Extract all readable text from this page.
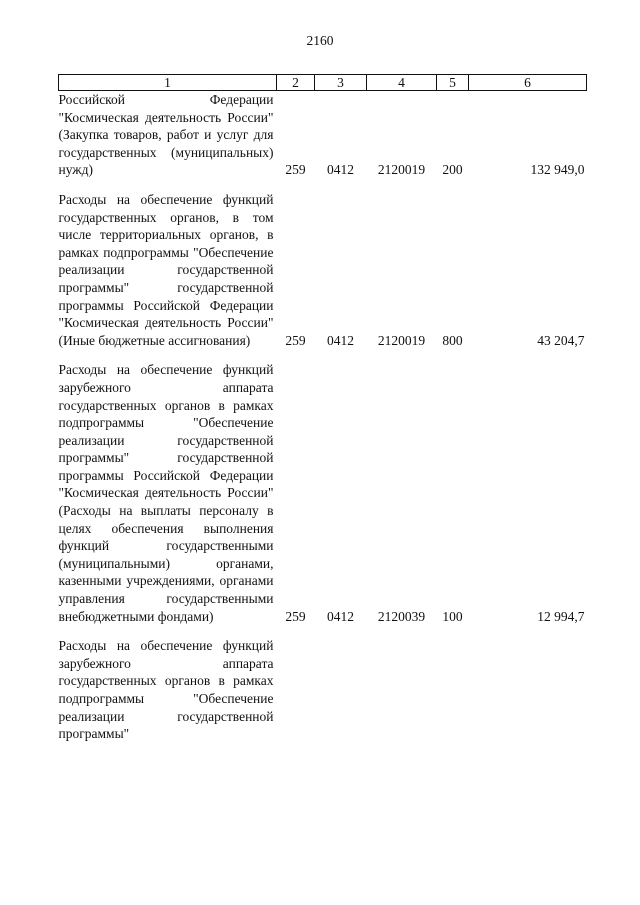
2160
1	2	3	4	5	6
Российской Федерации "Космическая деятельность России" (Закупка товаров, работ и услуг для государственных (муниципальных) нужд)	259	0412	2120019	200	132 949,0

Расходы на обеспечение функций государственных органов, в том числе территориальных органов, в рамках подпрограммы "Обеспечение реализации государственной программы" государственной программы Российской Федерации "Космическая деятельность России" (Иные бюджетные ассигнования)	259	0412	2120019	800	43 204,7

Расходы на обеспечение функций зарубежного аппарата государственных органов в рамках подпрограммы "Обеспечение реализации государственной программы" государственной программы Российской Федерации "Космическая деятельность России" (Расходы на выплаты персоналу в целях обеспечения выполнения функций государственными (муниципальными) органами, казенными учреждениями, органами управления государственными внебюджетными фондами)	259	0412	2120039	100	12 994,7

Расходы на обеспечение функций зарубежного аппарата государственных органов в рамках подпрограммы "Обеспечение реализации государственной программы"					
